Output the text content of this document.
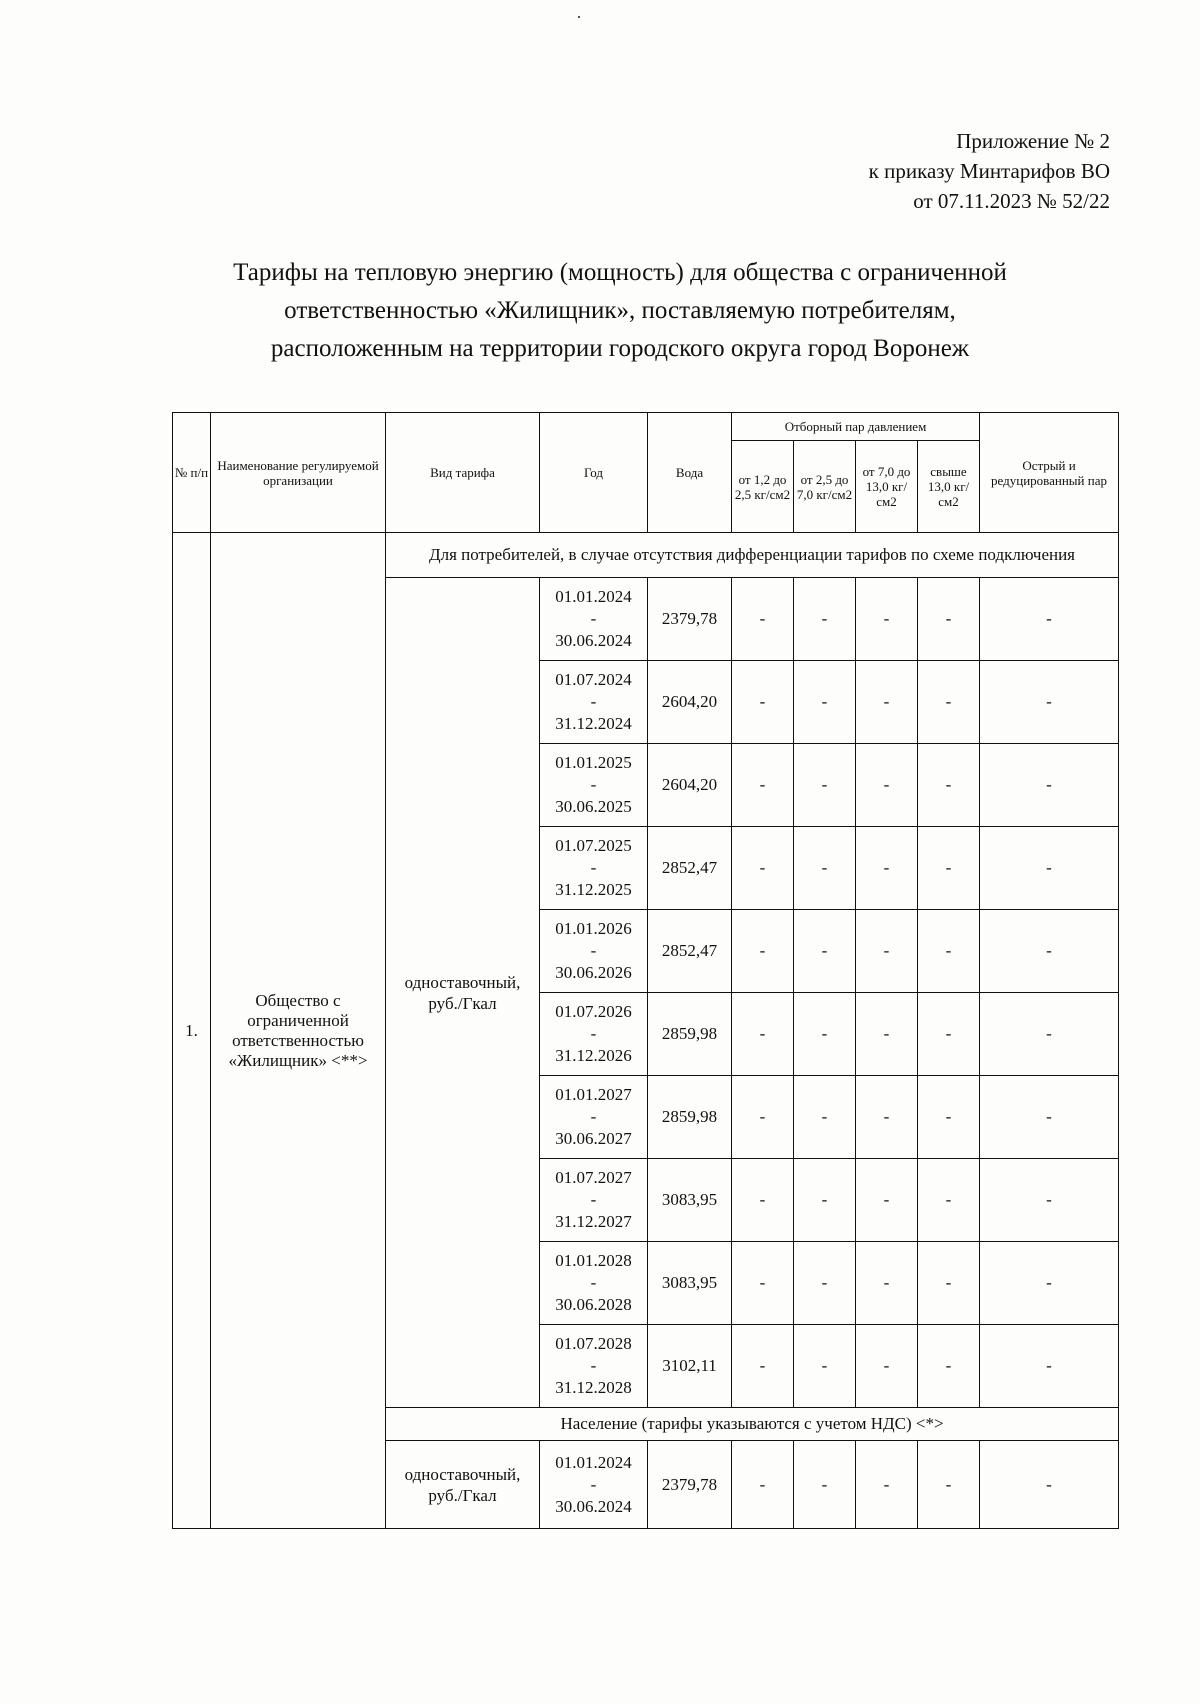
Приложение № 2
к приказу Минтарифов ВО
от 07.11.2023 № 52/22
Тарифы на тепловую энергию (мощность) для общества с ограниченной
ответственностью «Жилищник», поставляемую потребителям,
расположенным на территории городского округа город Воронеж
№ п/п	Наименование регулируемой организации	Вид тарифа	Год	Вода	Отборный пар давлением				Острый и редуцированный пар
					от 1,2 до 2,5 кг/см2	от 2,5 до 7,0 кг/см2	от 7,0 до 13,0 кг/см2	свыше 13,0 кг/см2	
1.	Общество с ограниченной ответственностью «Жилищник» <**>	Для потребителей, в случае отсутствия дифференциации тарифов по схеме подключения							
		одноставочный, руб./Гкал	01.01.2024
-
30.06.2024	2379,78	-	-	-	-	-

			01.07.2024
-
31.12.2024	2604,20	-	-	-	-	-

			01.01.2025
-
30.06.2025	2604,20	-	-	-	-	-

			01.07.2025
-
31.12.2025	2852,47	-	-	-	-	-

			01.01.2026
-
30.06.2026	2852,47	-	-	-	-	-

			01.07.2026
-
31.12.2026	2859,98	-	-	-	-	-

			01.01.2027
-
30.06.2027	2859,98	-	-	-	-	-

			01.07.2027
-
31.12.2027	3083,95	-	-	-	-	-

			01.01.2028
-
30.06.2028	3083,95	-	-	-	-	-

			01.07.2028
-
31.12.2028	3102,11	-	-	-	-	-
		Население (тарифы указываются с учетом НДС) <*>							
		одноставочный, руб./Гкал	01.01.2024
-
30.06.2024	2379,78	-	-	-	-	-
